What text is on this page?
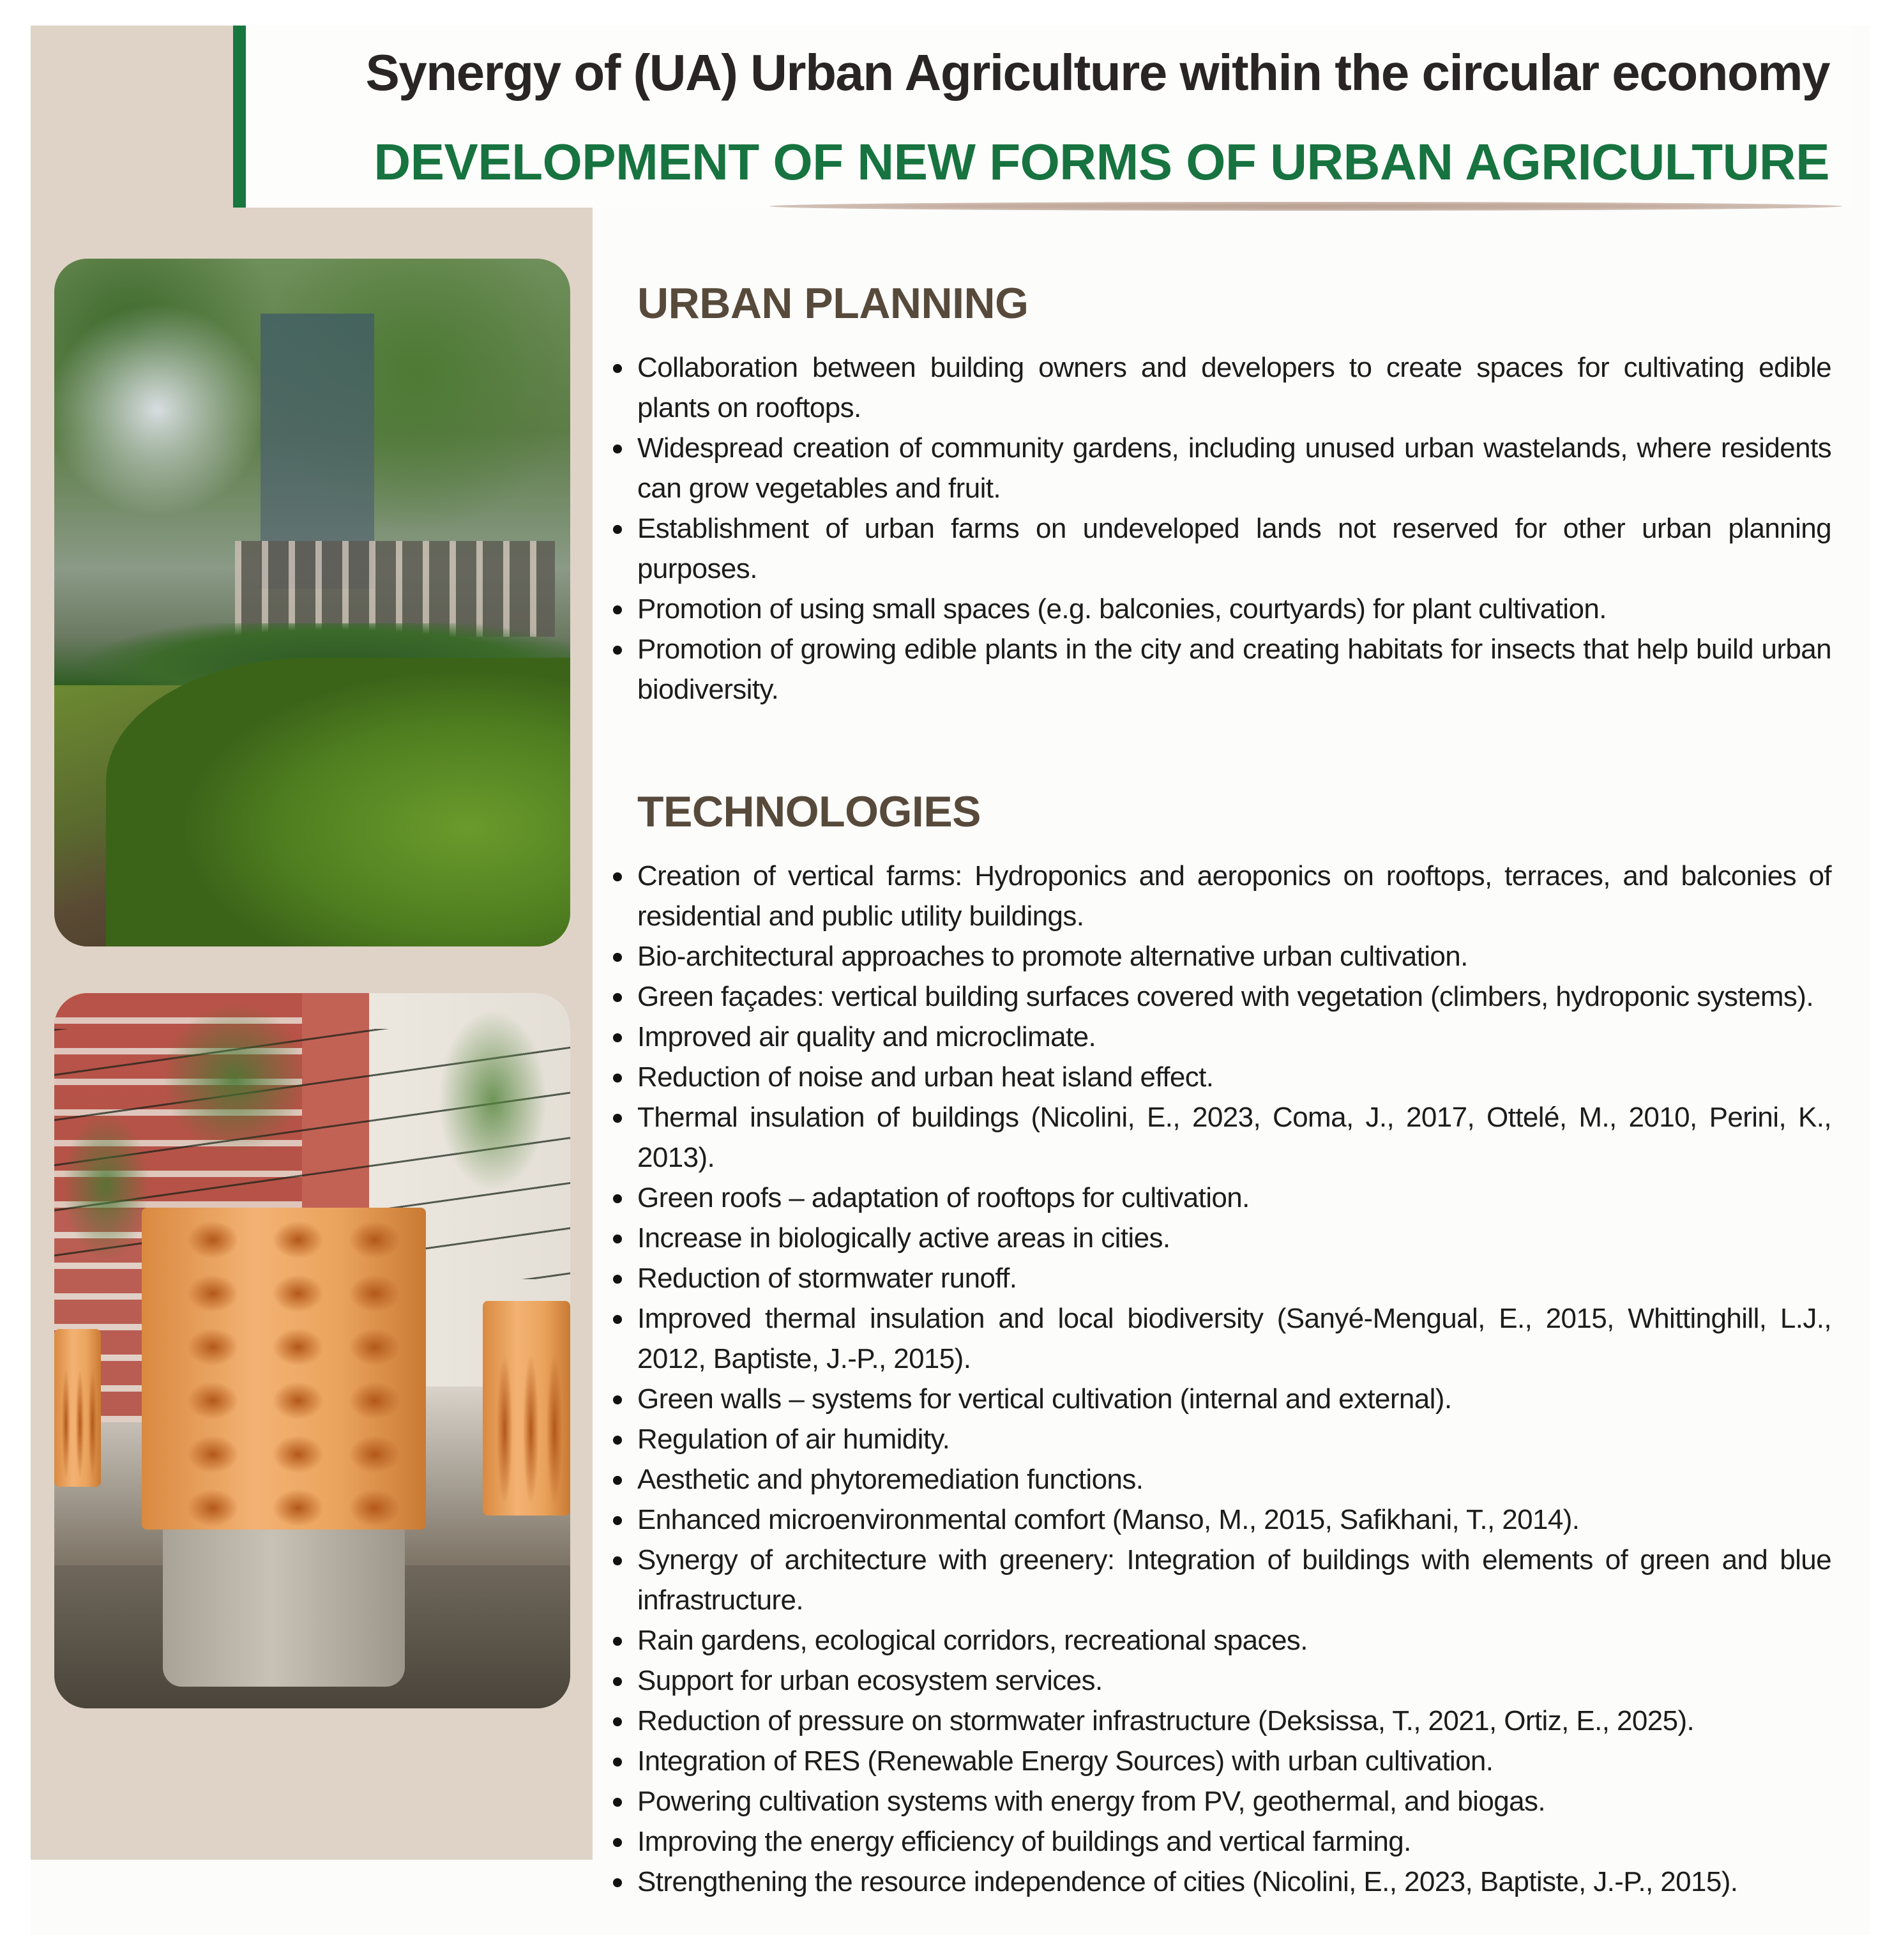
Synergy of (UA) Urban Agriculture within the circular economy
DEVELOPMENT OF NEW FORMS OF URBAN AGRICULTURE
URBAN PLANNING
Collaboration between building owners and developers to create spaces for cultivating edible plants on rooftops.
Widespread creation of community gardens, including unused urban wastelands, where residents can grow vegetables and fruit.
Establishment of urban farms on undeveloped lands not reserved for other urban planning purposes.
Promotion of using small spaces (e.g. balconies, courtyards) for plant cultivation.
Promotion of growing edible plants in the city and creating habitats for insects that help build urban biodiversity.
TECHNOLOGIES
Creation of vertical farms: Hydroponics and aeroponics on rooftops, terraces, and balconies of residential and public utility buildings.
Bio-architectural approaches to promote alternative urban cultivation.
Green façades: vertical building surfaces covered with vegetation (climbers, hydroponic systems).
Improved air quality and microclimate.
Reduction of noise and urban heat island effect.
Thermal insulation of buildings (Nicolini, E., 2023, Coma, J., 2017, Ottelé, M., 2010, Perini, K., 2013).
Green roofs – adaptation of rooftops for cultivation.
Increase in biologically active areas in cities.
Reduction of stormwater runoff.
Improved thermal insulation and local biodiversity (Sanyé-Mengual, E., 2015, Whittinghill, L.J., 2012, Baptiste, J.-P., 2015).
Green walls – systems for vertical cultivation (internal and external).
Regulation of air humidity.
Aesthetic and phytoremediation functions.
Enhanced microenvironmental comfort (Manso, M., 2015, Safikhani, T., 2014).
Synergy of architecture with greenery: Integration of buildings with elements of green and blue infrastructure.
Rain gardens, ecological corridors, recreational spaces.
Support for urban ecosystem services.
Reduction of pressure on stormwater infrastructure (Deksissa, T., 2021, Ortiz, E., 2025).
Integration of RES (Renewable Energy Sources) with urban cultivation.
Powering cultivation systems with energy from PV, geothermal, and biogas.
Improving the energy efficiency of buildings and vertical farming.
Strengthening the resource independence of cities (Nicolini, E., 2023, Baptiste, J.-P., 2015).
